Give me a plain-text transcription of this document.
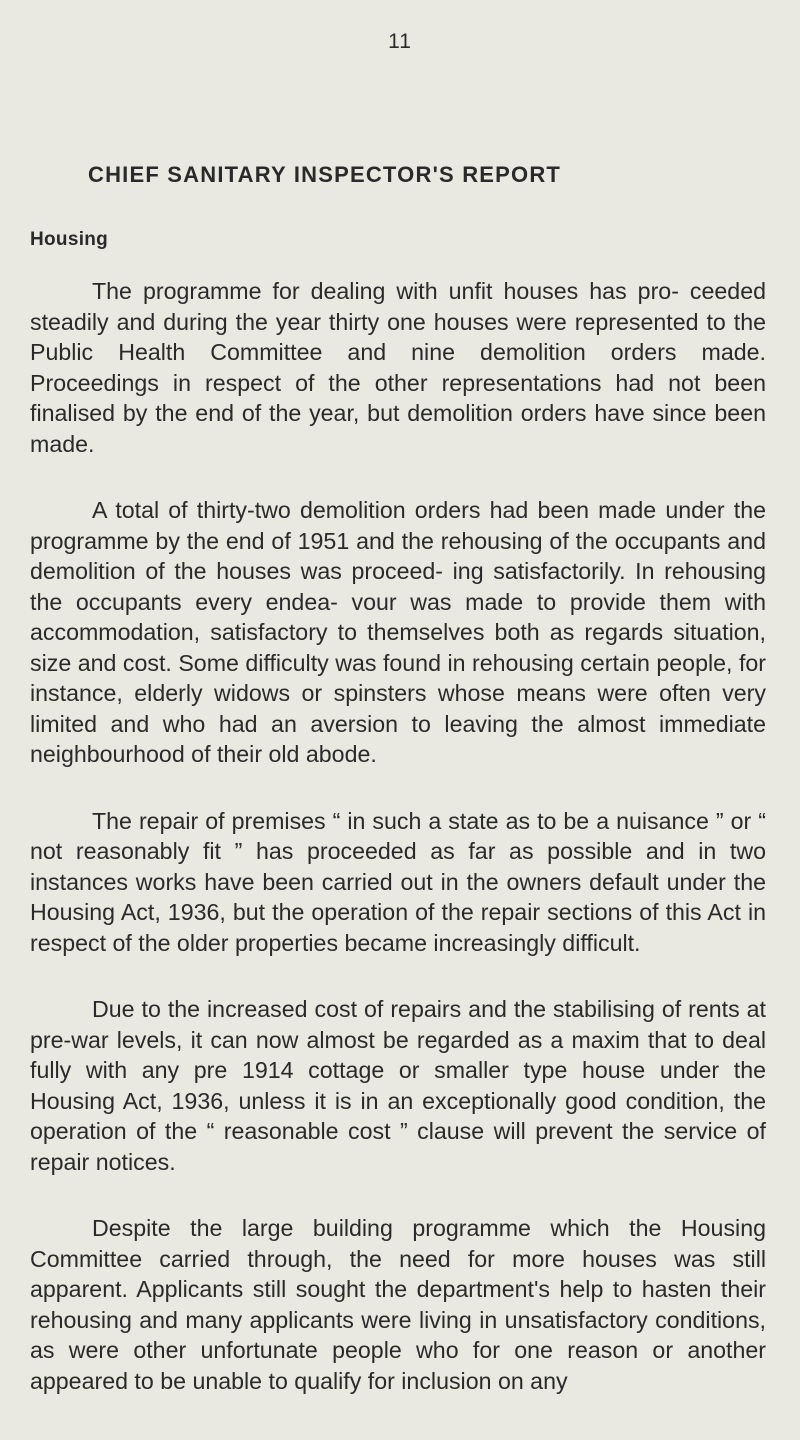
11
CHIEF SANITARY INSPECTOR'S REPORT
Housing

The programme for dealing with unfit houses has pro- ceeded steadily and during the year thirty one houses were represented to the Public Health Committee and nine demolition orders made. Proceedings in respect of the other representations had not been finalised by the end of the year, but demolition orders have since been made.

A total of thirty-two demolition orders had been made under the programme by the end of 1951 and the rehousing of the occupants and demolition of the houses was proceed- ing satisfactorily. In rehousing the occupants every endea- vour was made to provide them with accommodation, satisfactory to themselves both as regards situation, size and cost. Some difficulty was found in rehousing certain people, for instance, elderly widows or spinsters whose means were often very limited and who had an aversion to leaving the almost immediate neighbourhood of their old abode.

The repair of premises “ in such a state as to be a nuisance ” or “ not reasonably fit ” has proceeded as far as possible and in two instances works have been carried out in the owners default under the Housing Act, 1936, but the operation of the repair sections of this Act in respect of the older properties became increasingly difficult.

Due to the increased cost of repairs and the stabilising of rents at pre-war levels, it can now almost be regarded as a maxim that to deal fully with any pre 1914 cottage or smaller type house under the Housing Act, 1936, unless it is in an exceptionally good condition, the operation of the “ reasonable cost ” clause will prevent the service of repair notices.

Despite the large building programme which the Housing Committee carried through, the need for more houses was still apparent. Applicants still sought the department's help to hasten their rehousing and many applicants were living in unsatisfactory conditions, as were other unfortunate people who for one reason or another appeared to be unable to qualify for inclusion on any
